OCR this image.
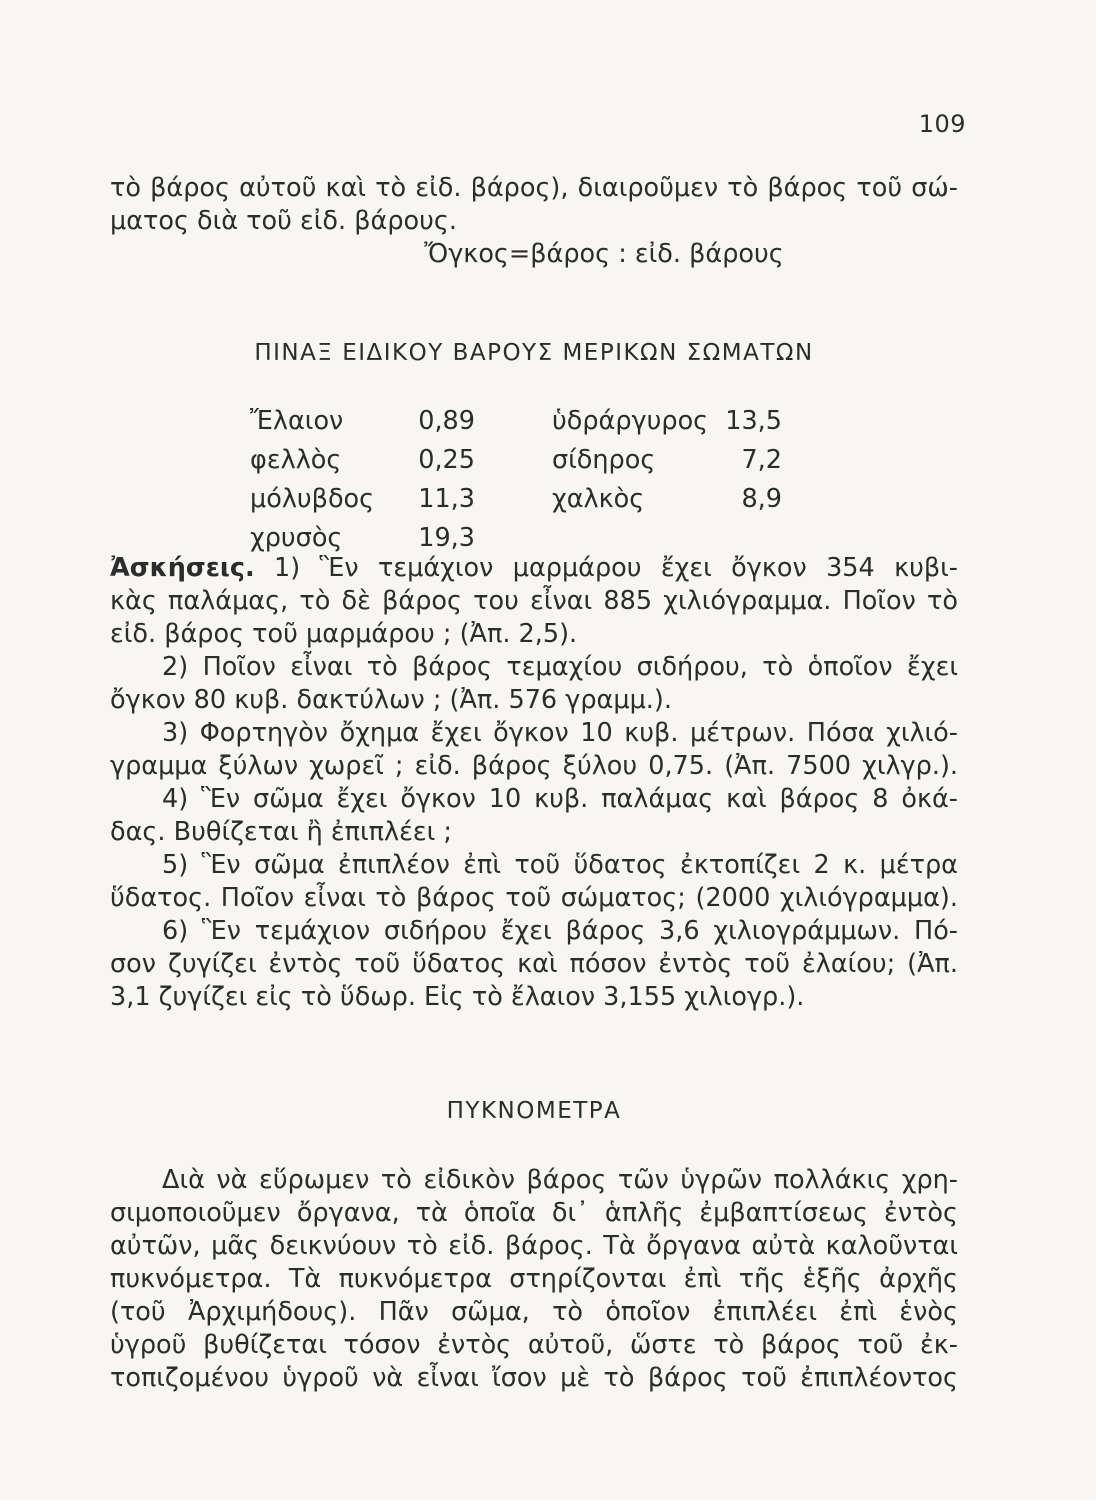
109
τὸ βάρος αὐτοῦ καὶ τὸ εἰδ. βάρος), διαιροῦμεν τὸ βάρος τοῦ σώ-
ματος διὰ τοῦ εἰδ. βάρους.
Ὄγκος=βάρος : εἰδ. βάρους
ΠΙΝΑΞ ΕΙΔΙΚΟΥ ΒΑΡΟΥΣ ΜΕΡΙΚΩΝ ΣΩΜΑΤΩΝ
Ἔλαιον	0,89	ὑδράργυρος 13,5
φελλὸς	0,25	σίδηρος	7,2
μόλυβδος	11,3	χαλκὸς	8,9
χρυσὸς	19,3
Ἀσκήσεις. 1) Ἓν τεμάχιον μαρμάρου ἔχει ὄγκον 354 κυβι-
κὰς παλάμας, τὸ δὲ βάρος του εἶναι 885 χιλιόγραμμα. Ποῖον τὸ
εἰδ. βάρος τοῦ μαρμάρου ; (Ἀπ. 2,5).
2) Ποῖον εἶναι τὸ βάρος τεμαχίου σιδήρου, τὸ ὁποῖον ἔχει
ὄγκον 80 κυβ. δακτύλων ; (Ἀπ. 576 γραμμ.).
3) Φορτηγὸν ὄχημα ἔχει ὄγκον 10 κυβ. μέτρων. Πόσα χιλιό-
γραμμα ξύλων χωρεῖ ; εἰδ. βάρος ξύλου 0,75. (Ἀπ. 7500 χιλγρ.).
4) Ἓν σῶμα ἔχει ὄγκον 10 κυβ. παλάμας καὶ βάρος 8 ὀκά-
δας. Βυθίζεται ἢ ἐπιπλέει ;
5) Ἓν σῶμα ἐπιπλέον ἐπὶ τοῦ ὕδατος ἐκτοπίζει 2 κ. μέτρα
ὕδατος. Ποῖον εἶναι τὸ βάρος τοῦ σώματος; (2000 χιλιόγραμμα).
6) Ἓν τεμάχιον σιδήρου ἔχει βάρος 3,6 χιλιογράμμων. Πό-
σον ζυγίζει ἐντὸς τοῦ ὕδατος καὶ πόσον ἐντὸς τοῦ ἐλαίου; (Ἀπ.
3,1 ζυγίζει εἰς τὸ ὕδωρ. Εἰς τὸ ἔλαιον 3,155 χιλιογρ.).
ΠΥΚΝΟΜΕΤΡΑ
Διὰ νὰ εὕρωμεν τὸ εἰδικὸν βάρος τῶν ὑγρῶν πολλάκις χρη-
σιμοποιοῦμεν ὄργανα, τὰ ὁποῖα δι᾽ ἁπλῆς ἐμβαπτίσεως ἐντὸς
αὐτῶν, μᾶς δεικνύουν τὸ εἰδ. βάρος. Τὰ ὄργανα αὐτὰ καλοῦνται
πυκνόμετρα. Τὰ πυκνόμετρα στηρίζονται ἐπὶ τῆς ἑξῆς ἀρχῆς
(τοῦ Ἀρχιμήδους). Πᾶν σῶμα, τὸ ὁποῖον ἐπιπλέει ἐπὶ ἑνὸς
ὑγροῦ βυθίζεται τόσον ἐντὸς αὐτοῦ, ὥστε τὸ βάρος τοῦ ἐκ-
τοπιζομένου ὑγροῦ νὰ εἶναι ἴσον μὲ τὸ βάρος τοῦ ἐπιπλέοντος
